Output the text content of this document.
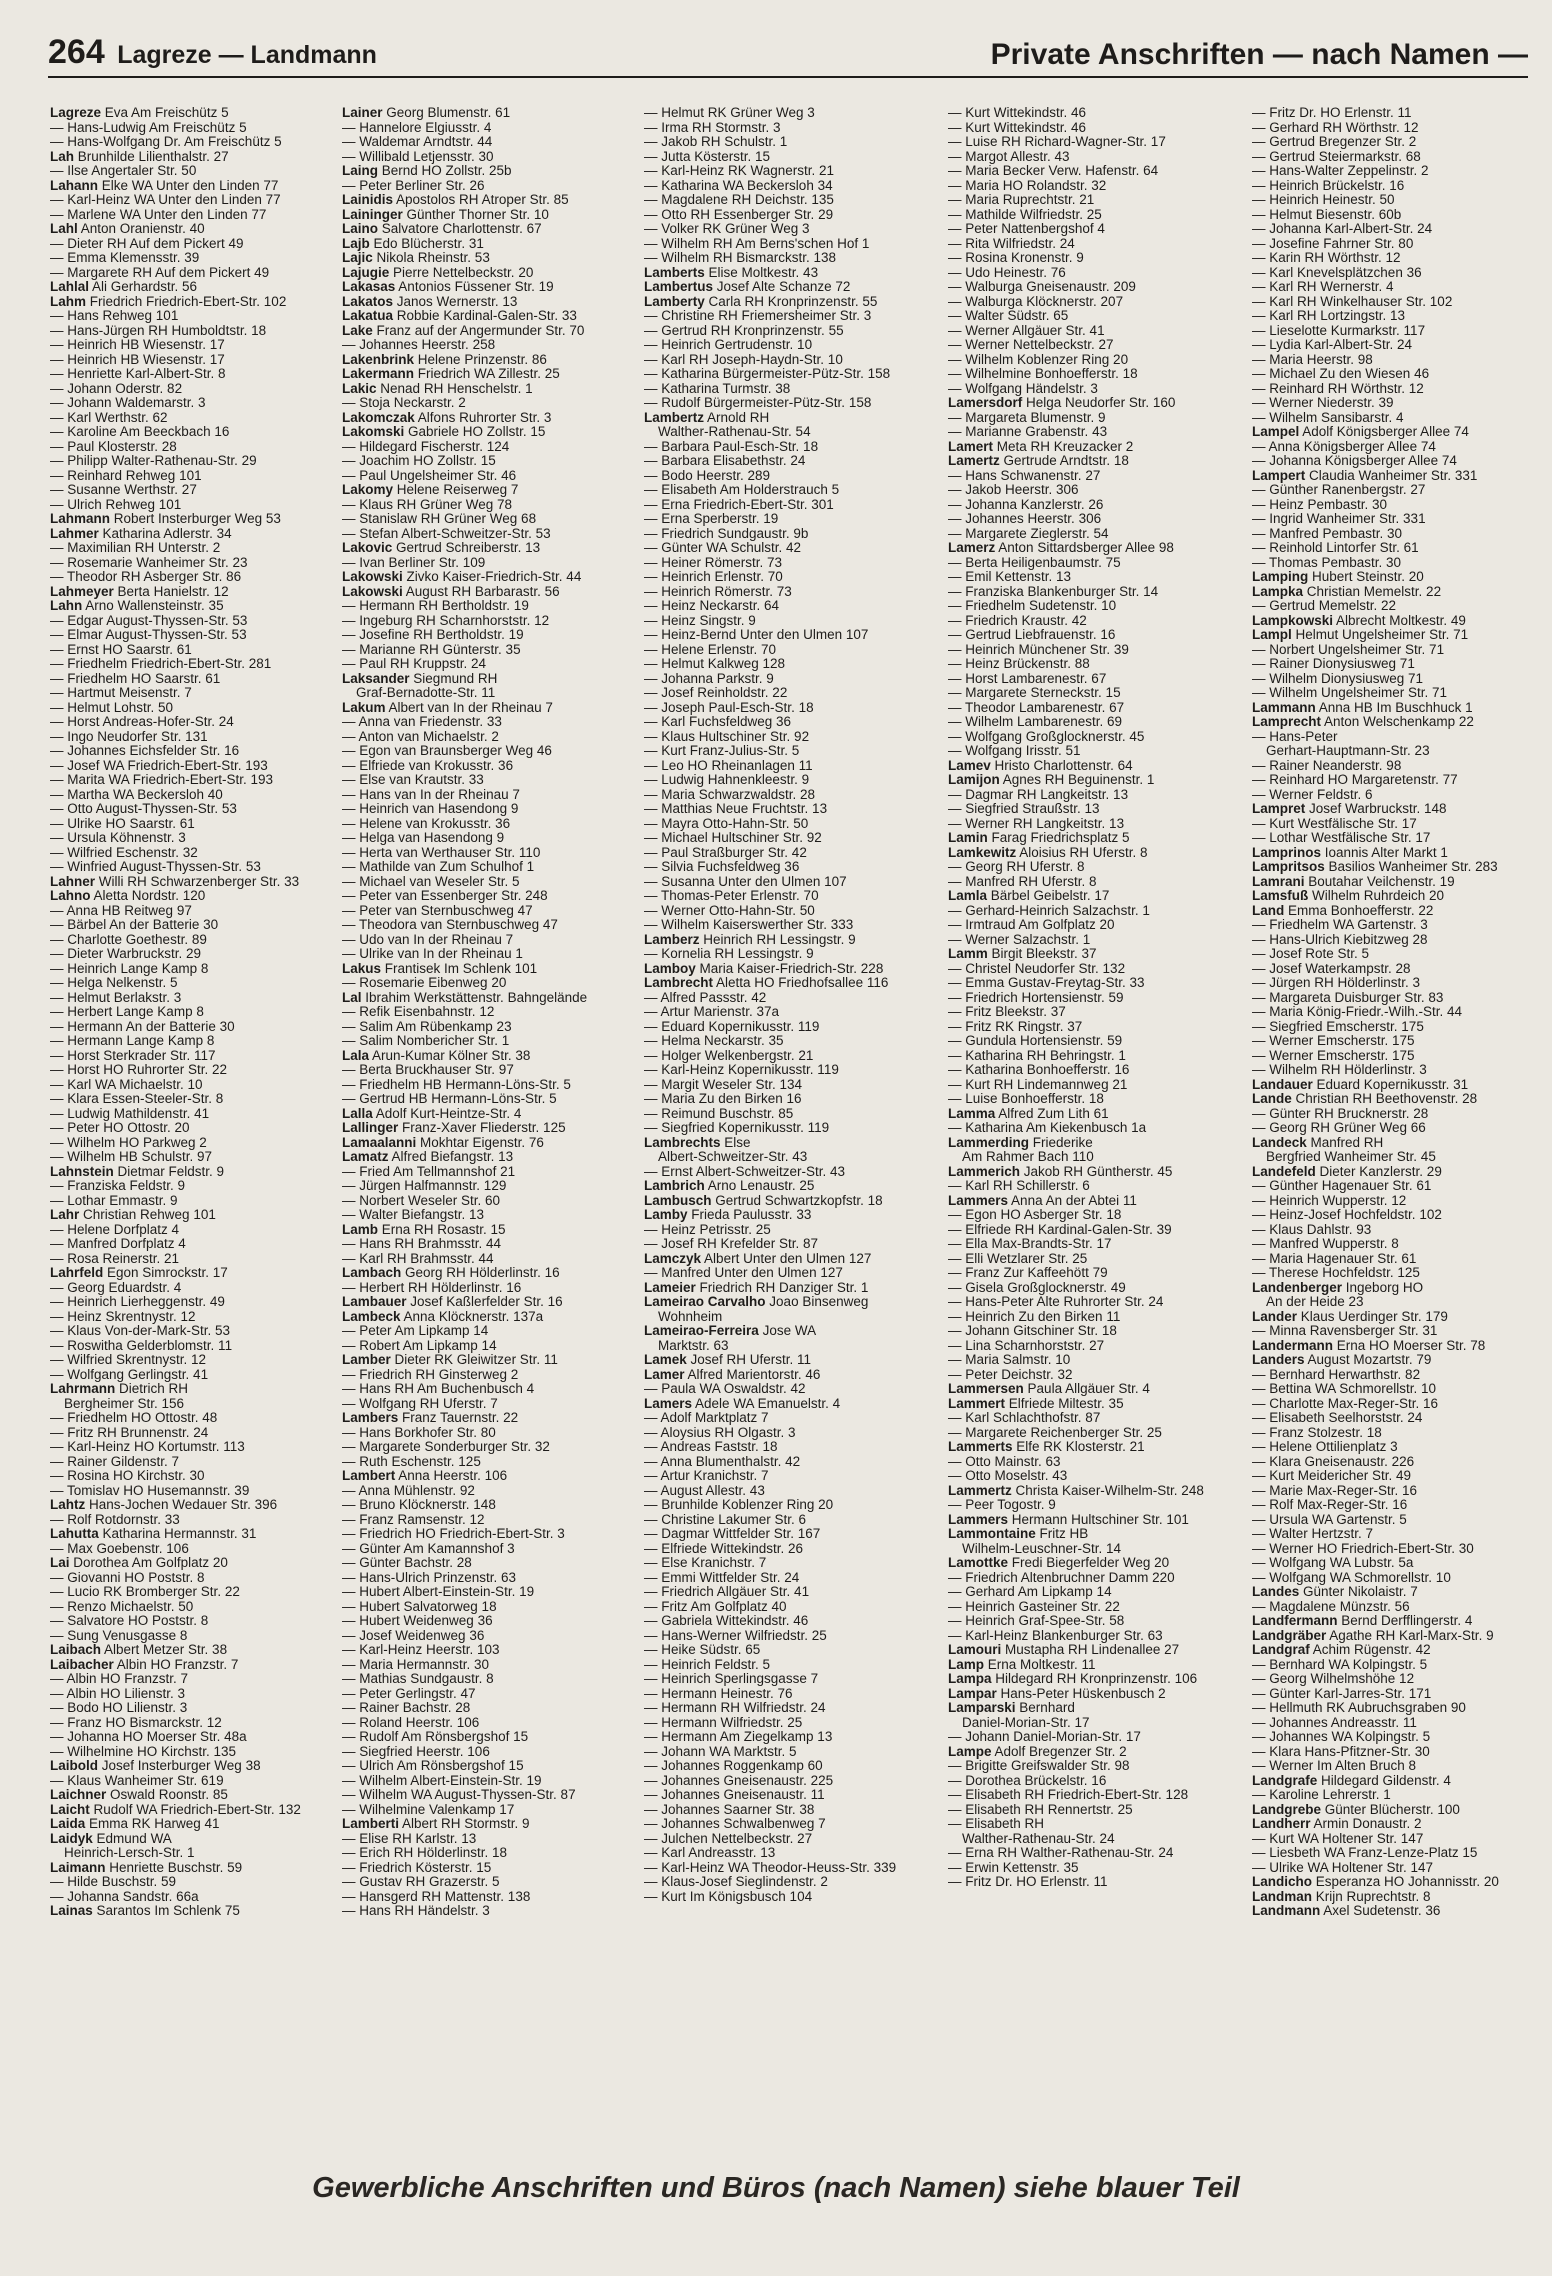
264 Lagreze — Landmann	Private Anschriften — nach Namen —
Lagreze Eva Am Freischütz 5
— Hans-Ludwig Am Freischütz 5
— Hans-Wolfgang Dr. Am Freischütz 5
Lah Brunhilde Lilienthalstr. 27
— Ilse Angertaler Str. 50
Lahann Elke WA Unter den Linden 77
— Karl-Heinz WA Unter den Linden 77
— Marlene WA Unter den Linden 77
Lahl Anton Oranienstr. 40
— Dieter RH Auf dem Pickert 49
— Emma Klemensstr. 39
— Margarete RH Auf dem Pickert 49
Lahlal Ali Gerhardstr. 56
Lahm Friedrich Friedrich-Ebert-Str. 102
— Hans Rehweg 101
— Hans-Jürgen RH Humboldtstr. 18
— Heinrich HB Wiesenstr. 17
— Heinrich HB Wiesenstr. 17
— Henriette Karl-Albert-Str. 8
— Johann Oderstr. 82
— Johann Waldemarstr. 3
— Karl Werthstr. 62
— Karoline Am Beeckbach 16
— Paul Klosterstr. 28
— Philipp Walter-Rathenau-Str. 29
— Reinhard Rehweg 101
— Susanne Werthstr. 27
— Ulrich Rehweg 101
Lahmann Robert Insterburger Weg 53
Lahmer Katharina Adlerstr. 34
— Maximilian RH Unterstr. 2
— Rosemarie Wanheimer Str. 23
— Theodor RH Asberger Str. 86
Lahmeyer Berta Hanielstr. 12
Lahn Arno Wallensteinstr. 35
— Edgar August-Thyssen-Str. 53
— Elmar August-Thyssen-Str. 53
— Ernst HO Saarstr. 61
— Friedhelm Friedrich-Ebert-Str. 281
— Friedhelm HO Saarstr. 61
— Hartmut Meisenstr. 7
— Helmut Lohstr. 50
— Horst Andreas-Hofer-Str. 24
— Ingo Neudorfer Str. 131
— Johannes Eichsfelder Str. 16
— Josef WA Friedrich-Ebert-Str. 193
— Marita WA Friedrich-Ebert-Str. 193
— Martha WA Beckersloh 40
— Otto August-Thyssen-Str. 53
— Ulrike HO Saarstr. 61
— Ursula Köhnenstr. 3
— Wilfried Eschenstr. 32
— Winfried August-Thyssen-Str. 53
Lahner Willi RH Schwarzenberger Str. 33
Lahno Aletta Nordstr. 120
— Anna HB Reitweg 97
— Bärbel An der Batterie 30
— Charlotte Goethestr. 89
— Dieter Warbruckstr. 29
— Heinrich Lange Kamp 8
— Helga Nelkenstr. 5
— Helmut Berlakstr. 3
— Herbert Lange Kamp 8
— Hermann An der Batterie 30
— Hermann Lange Kamp 8
— Horst Sterkrader Str. 117
— Horst HO Ruhrorter Str. 22
— Karl WA Michaelstr. 10
— Klara Essen-Steeler-Str. 8
— Ludwig Mathildenstr. 41
— Peter HO Ottostr. 20
— Wilhelm HO Parkweg 2
— Wilhelm HB Schulstr. 97
Lahnstein Dietmar Feldstr. 9
— Franziska Feldstr. 9
— Lothar Emmastr. 9
Lahr Christian Rehweg 101
— Helene Dorfplatz 4
— Manfred Dorfplatz 4
— Rosa Reinerstr. 21
Lahrfeld Egon Simrockstr. 17
— Georg Eduardstr. 4
— Heinrich Lierheggenstr. 49
— Heinz Skrentnystr. 12
— Klaus Von-der-Mark-Str. 53
— Roswitha Gelderblomstr. 11
— Wilfried Skrentnystr. 12
— Wolfgang Gerlingstr. 41
Lahrmann Dietrich RH
Bergheimer Str. 156
— Friedhelm HO Ottostr. 48
— Fritz RH Brunnenstr. 24
— Karl-Heinz HO Kortumstr. 113
— Rainer Gildenstr. 7
— Rosina HO Kirchstr. 30
— Tomislav HO Husemannstr. 39
Lahtz Hans-Jochen Wedauer Str. 396
— Rolf Rotdornstr. 33
Lahutta Katharina Hermannstr. 31
— Max Goebenstr. 106
Lai Dorothea Am Golfplatz 20
— Giovanni HO Poststr. 8
— Lucio RK Bromberger Str. 22
— Renzo Michaelstr. 50
— Salvatore HO Poststr. 8
— Sung Venusgasse 8
Laibach Albert Metzer Str. 38
Laibacher Albin HO Franzstr. 7
— Albin HO Franzstr. 7
— Albin HO Lilienstr. 3
— Bodo HO Lilienstr. 3
— Franz HO Bismarckstr. 12
— Johanna HO Moerser Str. 48a
— Wilhelmine HO Kirchstr. 135
Laibold Josef Insterburger Weg 38
— Klaus Wanheimer Str. 619
Laichner Oswald Roonstr. 85
Laicht Rudolf WA Friedrich-Ebert-Str. 132
Laida Emma RK Harweg 41
Laidyk Edmund WA
Heinrich-Lersch-Str. 1
Laimann Henriette Buschstr. 59
— Hilde Buschstr. 59
— Johanna Sandstr. 66a
Lainas Sarantos Im Schlenk 75
Lainer Georg Blumenstr. 61
— Hannelore Elgiusstr. 4
— Waldemar Arndtstr. 44
— Willibald Letjensstr. 30
Laing Bernd HO Zollstr. 25b
— Peter Berliner Str. 26
Lainidis Apostolos RH Atroper Str. 85
Laininger Günther Thorner Str. 10
Laino Salvatore Charlottenstr. 67
Lajb Edo Blücherstr. 31
Lajic Nikola Rheinstr. 53
Lajugie Pierre Nettelbeckstr. 20
Lakasas Antonios Füssener Str. 19
Lakatos Janos Wernerstr. 13
Lakatua Robbie Kardinal-Galen-Str. 33
Lake Franz auf der Angermunder Str. 70
— Johannes Heerstr. 258
Lakenbrink Helene Prinzenstr. 86
Lakermann Friedrich WA Zillestr. 25
Lakic Nenad RH Henschelstr. 1
— Stoja Neckarstr. 2
Lakomczak Alfons Ruhrorter Str. 3
Lakomski Gabriele HO Zollstr. 15
— Hildegard Fischerstr. 124
— Joachim HO Zollstr. 15
— Paul Ungelsheimer Str. 46
Lakomy Helene Reiserweg 7
— Klaus RH Grüner Weg 78
— Stanislaw RH Grüner Weg 68
— Stefan Albert-Schweitzer-Str. 53
Lakovic Gertrud Schreiberstr. 13
— Ivan Berliner Str. 109
Lakowski Zivko Kaiser-Friedrich-Str. 44
Lakowski August RH Barbarastr. 56
— Hermann RH Bertholdstr. 19
— Ingeburg RH Scharnhorststr. 12
— Josefine RH Bertholdstr. 19
— Marianne RH Günterstr. 35
— Paul RH Kruppstr. 24
Laksander Siegmund RH
Graf-Bernadotte-Str. 11
Lakum Albert van In der Rheinau 7
— Anna van Friedenstr. 33
— Anton van Michaelstr. 2
— Egon van Braunsberger Weg 46
— Elfriede van Krokusstr. 36
— Else van Krautstr. 33
— Hans van In der Rheinau 7
— Heinrich van Hasendong 9
— Helene van Krokusstr. 36
— Helga van Hasendong 9
— Herta van Werthauser Str. 110
— Mathilde van Zum Schulhof 1
— Michael van Weseler Str. 5
— Peter van Essenberger Str. 248
— Peter van Sternbuschweg 47
— Theodora van Sternbuschweg 47
— Udo van In der Rheinau 7
— Ulrike van In der Rheinau 1
Lakus Frantisek Im Schlenk 101
— Rosemarie Eibenweg 20
Lal Ibrahim Werkstättenstr. Bahngelände
— Refik Eisenbahnstr. 12
— Salim Am Rübenkamp 23
— Salim Nombericher Str. 1
Lala Arun-Kumar Kölner Str. 38
— Berta Bruckhauser Str. 97
— Friedhelm HB Hermann-Löns-Str. 5
— Gertrud HB Hermann-Löns-Str. 5
Lalla Adolf Kurt-Heintze-Str. 4
Lallinger Franz-Xaver Fliederstr. 125
Lamaalanni Mokhtar Eigenstr. 76
Lamatz Alfred Biefangstr. 13
— Fried Am Tellmannshof 21
— Jürgen Halfmannstr. 129
— Norbert Weseler Str. 60
— Walter Biefangstr. 13
Lamb Erna RH Rosastr. 15
— Hans RH Brahmsstr. 44
— Karl RH Brahmsstr. 44
Lambach Georg RH Hölderlinstr. 16
— Herbert RH Hölderlinstr. 16
Lambauer Josef Kaßlerfelder Str. 16
Lambeck Anna Klöcknerstr. 137a
— Peter Am Lipkamp 14
— Robert Am Lipkamp 14
Lamber Dieter RK Gleiwitzer Str. 11
— Friedrich RH Ginsterweg 2
— Hans RH Am Buchenbusch 4
— Wolfgang RH Uferstr. 7
Lambers Franz Tauernstr. 22
— Hans Borkhofer Str. 80
— Margarete Sonderburger Str. 32
— Ruth Eschenstr. 125
Lambert Anna Heerstr. 106
— Anna Mühlenstr. 92
— Bruno Klöcknerstr. 148
— Franz Ramsenstr. 12
— Friedrich HO Friedrich-Ebert-Str. 3
— Günter Am Kamannshof 3
— Günter Bachstr. 28
— Hans-Ulrich Prinzenstr. 63
— Hubert Albert-Einstein-Str. 19
— Hubert Salvatorweg 18
— Hubert Weidenweg 36
— Josef Weidenweg 36
— Karl-Heinz Heerstr. 103
— Maria Hermannstr. 30
— Mathias Sundgaustr. 8
— Peter Gerlingstr. 47
— Rainer Bachstr. 28
— Roland Heerstr. 106
— Rudolf Am Rönsbergshof 15
— Siegfried Heerstr. 106
— Ulrich Am Rönsbergshof 15
— Wilhelm Albert-Einstein-Str. 19
— Wilhelm WA August-Thyssen-Str. 87
— Wilhelmine Valenkamp 17
Lamberti Albert RH Stormstr. 9
— Elise RH Karlstr. 13
— Erich RH Hölderlinstr. 18
— Friedrich Kösterstr. 15
— Gustav RH Grazerstr. 5
— Hansgerd RH Mattenstr. 138
— Hans RH Händelstr. 3
— Helmut RK Grüner Weg 3
— Irma RH Stormstr. 3
— Jakob RH Schulstr. 1
— Jutta Kösterstr. 15
— Karl-Heinz RK Wagnerstr. 21
— Katharina WA Beckersloh 34
— Magdalene RH Deichstr. 135
— Otto RH Essenberger Str. 29
— Volker RK Grüner Weg 3
— Wilhelm RH Am Berns'schen Hof 1
— Wilhelm RH Bismarckstr. 138
Lamberts Elise Moltkestr. 43
Lambertus Josef Alte Schanze 72
Lamberty Carla RH Kronprinzenstr. 55
— Christine RH Friemersheimer Str. 3
— Gertrud RH Kronprinzenstr. 55
— Heinrich Gertrudenstr. 10
— Karl RH Joseph-Haydn-Str. 10
— Katharina Bürgermeister-Pütz-Str. 158
— Katharina Turmstr. 38
— Rudolf Bürgermeister-Pütz-Str. 158
Lambertz Arnold RH
Walther-Rathenau-Str. 54
— Barbara Paul-Esch-Str. 18
— Barbara Elisabethstr. 24
— Bodo Heerstr. 289
— Elisabeth Am Holderstrauch 5
— Erna Friedrich-Ebert-Str. 301
— Erna Sperberstr. 19
— Friedrich Sundgaustr. 9b
— Günter WA Schulstr. 42
— Heiner Römerstr. 73
— Heinrich Erlenstr. 70
— Heinrich Römerstr. 73
— Heinz Neckarstr. 64
— Heinz Singstr. 9
— Heinz-Bernd Unter den Ulmen 107
— Helene Erlenstr. 70
— Helmut Kalkweg 128
— Johanna Parkstr. 9
— Josef Reinholdstr. 22
— Joseph Paul-Esch-Str. 18
— Karl Fuchsfeldweg 36
— Klaus Hultschiner Str. 92
— Kurt Franz-Julius-Str. 5
— Leo HO Rheinanlagen 11
— Ludwig Hahnenkleestr. 9
— Maria Schwarzwaldstr. 28
— Matthias Neue Fruchtstr. 13
— Mayra Otto-Hahn-Str. 50
— Michael Hultschiner Str. 92
— Paul Straßburger Str. 42
— Silvia Fuchsfeldweg 36
— Susanna Unter den Ulmen 107
— Thomas-Peter Erlenstr. 70
— Werner Otto-Hahn-Str. 50
— Wilhelm Kaiserswerther Str. 333
Lamberz Heinrich RH Lessingstr. 9
— Kornelia RH Lessingstr. 9
Lamboy Maria Kaiser-Friedrich-Str. 228
Lambrecht Aletta HO Friedhofsallee 116
— Alfred Passstr. 42
— Artur Marienstr. 37a
— Eduard Kopernikusstr. 119
— Helma Neckarstr. 35
— Holger Welkenbergstr. 21
— Karl-Heinz Kopernikusstr. 119
— Margit Weseler Str. 134
— Maria Zu den Birken 16
— Reimund Buschstr. 85
— Siegfried Kopernikusstr. 119
Lambrechts Else
Albert-Schweitzer-Str. 43
— Ernst Albert-Schweitzer-Str. 43
Lambrich Arno Lenaustr. 25
Lambusch Gertrud Schwartzkopfstr. 18
Lamby Frieda Paulusstr. 33
— Heinz Petrisstr. 25
— Josef RH Krefelder Str. 87
Lamczyk Albert Unter den Ulmen 127
— Manfred Unter den Ulmen 127
Lameier Friedrich RH Danziger Str. 1
Lameirao Carvalho Joao Binsenweg
Wohnheim
Lameirao-Ferreira Jose WA
Marktstr. 63
Lamek Josef RH Uferstr. 11
Lamer Alfred Marientorstr. 46
— Paula WA Oswaldstr. 42
Lamers Adele WA Emanuelstr. 4
— Adolf Marktplatz 7
— Aloysius RH Olgastr. 3
— Andreas Faststr. 18
— Anna Blumenthalstr. 42
— Artur Kranichstr. 7
— August Allestr. 43
— Brunhilde Koblenzer Ring 20
— Christine Lakumer Str. 6
— Dagmar Wittfelder Str. 167
— Elfriede Wittekindstr. 26
— Else Kranichstr. 7
— Emmi Wittfelder Str. 24
— Friedrich Allgäuer Str. 41
— Fritz Am Golfplatz 40
— Gabriela Wittekindstr. 46
— Hans-Werner Wilfriedstr. 25
— Heike Südstr. 65
— Heinrich Feldstr. 5
— Heinrich Sperlingsgasse 7
— Hermann Heinestr. 76
— Hermann RH Wilfriedstr. 24
— Hermann Wilfriedstr. 25
— Hermann Am Ziegelkamp 13
— Johann WA Marktstr. 5
— Johannes Roggenkamp 60
— Johannes Gneisenaustr. 225
— Johannes Gneisenaustr. 11
— Johannes Saarner Str. 38
— Johannes Schwalbenweg 7
— Julchen Nettelbeckstr. 27
— Karl Andreasstr. 13
— Karl-Heinz WA Theodor-Heuss-Str. 339
— Klaus-Josef Sieglindenstr. 2
— Kurt Im Königsbusch 104
— Kurt Wittekindstr. 46
— Kurt Wittekindstr. 46
— Luise RH Richard-Wagner-Str. 17
— Margot Allestr. 43
— Maria Becker Verw. Hafenstr. 64
— Maria HO Rolandstr. 32
— Maria Ruprechtstr. 21
— Mathilde Wilfriedstr. 25
— Peter Nattenbergshof 4
— Rita Wilfriedstr. 24
— Rosina Kronenstr. 9
— Udo Heinestr. 76
— Walburga Gneisenaustr. 209
— Walburga Klöcknerstr. 207
— Walter Südstr. 65
— Werner Allgäuer Str. 41
— Werner Nettelbeckstr. 27
— Wilhelm Koblenzer Ring 20
— Wilhelmine Bonhoefferstr. 18
— Wolfgang Händelstr. 3
Lamersdorf Helga Neudorfer Str. 160
— Margareta Blumenstr. 9
— Marianne Grabenstr. 43
Lamert Meta RH Kreuzacker 2
Lamertz Gertrude Arndtstr. 18
— Hans Schwanenstr. 27
— Jakob Heerstr. 306
— Johanna Kanzlerstr. 26
— Johannes Heerstr. 306
— Margarete Zieglerstr. 54
Lamerz Anton Sittardsberger Allee 98
— Berta Heiligenbaumstr. 75
— Emil Kettenstr. 13
— Franziska Blankenburger Str. 14
— Friedhelm Sudetenstr. 10
— Friedrich Kraustr. 42
— Gertrud Liebfrauenstr. 16
— Heinrich Münchener Str. 39
— Heinz Brückenstr. 88
— Horst Lambarenestr. 67
— Margarete Sterneckstr. 15
— Theodor Lambarenestr. 67
— Wilhelm Lambarenestr. 69
— Wolfgang Großglocknerstr. 45
— Wolfgang Irisstr. 51
Lamev Hristo Charlottenstr. 64
Lamijon Agnes RH Beguinenstr. 1
— Dagmar RH Langkeitstr. 13
— Siegfried Straußstr. 13
— Werner RH Langkeitstr. 13
Lamin Farag Friedrichsplatz 5
Lamkewitz Aloisius RH Uferstr. 8
— Georg RH Uferstr. 8
— Manfred RH Uferstr. 8
Lamla Bärbel Geibelstr. 17
— Gerhard-Heinrich Salzachstr. 1
— Irmtraud Am Golfplatz 20
— Werner Salzachstr. 1
Lamm Birgit Bleekstr. 37
— Christel Neudorfer Str. 132
— Emma Gustav-Freytag-Str. 33
— Friedrich Hortensienstr. 59
— Fritz Bleekstr. 37
— Fritz RK Ringstr. 37
— Gundula Hortensienstr. 59
— Katharina RH Behringstr. 1
— Katharina Bonhoefferstr. 16
— Kurt RH Lindemannweg 21
— Luise Bonhoefferstr. 18
Lamma Alfred Zum Lith 61
— Katharina Am Kiekenbusch 1a
Lammerding Friederike
Am Rahmer Bach 110
Lammerich Jakob RH Güntherstr. 45
— Karl RH Schillerstr. 6
Lammers Anna An der Abtei 11
— Egon HO Asberger Str. 18
— Elfriede RH Kardinal-Galen-Str. 39
— Ella Max-Brandts-Str. 17
— Elli Wetzlarer Str. 25
— Franz Zur Kaffeehött 79
— Gisela Großglocknerstr. 49
— Hans-Peter Alte Ruhrorter Str. 24
— Heinrich Zu den Birken 11
— Johann Gitschiner Str. 18
— Lina Scharnhorststr. 27
— Maria Salmstr. 10
— Peter Deichstr. 32
Lammersen Paula Allgäuer Str. 4
Lammert Elfriede Miltestr. 35
— Karl Schlachthofstr. 87
— Margarete Reichenberger Str. 25
Lammerts Elfe RK Klosterstr. 21
— Otto Mainstr. 63
— Otto Moselstr. 43
Lammertz Christa Kaiser-Wilhelm-Str. 248
— Peer Togostr. 9
Lammers Hermann Hultschiner Str. 101
Lammontaine Fritz HB
Wilhelm-Leuschner-Str. 14
Lamottke Fredi Biegerfelder Weg 20
— Friedrich Altenbruchner Damm 220
— Gerhard Am Lipkamp 14
— Heinrich Gasteiner Str. 22
— Heinrich Graf-Spee-Str. 58
— Karl-Heinz Blankenburger Str. 63
Lamouri Mustapha RH Lindenallee 27
Lamp Erna Moltkestr. 11
Lampa Hildegard RH Kronprinzenstr. 106
Lampar Hans-Peter Hüskenbusch 2
Lamparski Bernhard
Daniel-Morian-Str. 17
— Johann Daniel-Morian-Str. 17
Lampe Adolf Bregenzer Str. 2
— Brigitte Greifswalder Str. 98
— Dorothea Brückelstr. 16
— Elisabeth RH Friedrich-Ebert-Str. 128
— Elisabeth RH Rennertstr. 25
— Elisabeth RH
Walther-Rathenau-Str. 24
— Erna RH Walther-Rathenau-Str. 24
— Erwin Kettenstr. 35
— Fritz Dr. HO Erlenstr. 11
— Fritz Dr. HO Erlenstr. 11
— Gerhard RH Wörthstr. 12
— Gertrud Bregenzer Str. 2
— Gertrud Steiermarkstr. 68
— Hans-Walter Zeppelinstr. 2
— Heinrich Brückelstr. 16
— Heinrich Heinestr. 50
— Helmut Biesenstr. 60b
— Johanna Karl-Albert-Str. 24
— Josefine Fahrner Str. 80
— Karin RH Wörthstr. 12
— Karl Knevelsplätzchen 36
— Karl RH Wernerstr. 4
— Karl RH Winkelhauser Str. 102
— Karl RH Lortzingstr. 13
— Lieselotte Kurmarkstr. 117
— Lydia Karl-Albert-Str. 24
— Maria Heerstr. 98
— Michael Zu den Wiesen 46
— Reinhard RH Wörthstr. 12
— Werner Niederstr. 39
— Wilhelm Sansibarstr. 4
Lampel Adolf Königsberger Allee 74
— Anna Königsberger Allee 74
— Johanna Königsberger Allee 74
Lampert Claudia Wanheimer Str. 331
— Günther Ranenbergstr. 27
— Heinz Pembastr. 30
— Ingrid Wanheimer Str. 331
— Manfred Pembastr. 30
— Reinhold Lintorfer Str. 61
— Thomas Pembastr. 30
Lamping Hubert Steinstr. 20
Lampka Christian Memelstr. 22
— Gertrud Memelstr. 22
Lampkowski Albrecht Moltkestr. 49
Lampl Helmut Ungelsheimer Str. 71
— Norbert Ungelsheimer Str. 71
— Rainer Dionysiusweg 71
— Wilhelm Dionysiusweg 71
— Wilhelm Ungelsheimer Str. 71
Lammann Anna HB Im Buschhuck 1
Lamprecht Anton Welschenkamp 22
— Hans-Peter
Gerhart-Hauptmann-Str. 23
— Rainer Neanderstr. 98
— Reinhard HO Margaretenstr. 77
— Werner Feldstr. 6
Lampret Josef Warbruckstr. 148
— Kurt Westfälische Str. 17
— Lothar Westfälische Str. 17
Lamprinos Ioannis Alter Markt 1
Lampritsos Basilios Wanheimer Str. 283
Lamrani Boutahar Veilchenstr. 19
Lamsfuß Wilhelm Ruhrdeich 20
Land Emma Bonhoefferstr. 22
— Friedhelm WA Gartenstr. 3
— Hans-Ulrich Kiebitzweg 28
— Josef Rote Str. 5
— Josef Waterkampstr. 28
— Jürgen RH Hölderlinstr. 3
— Margareta Duisburger Str. 83
— Maria König-Friedr.-Wilh.-Str. 44
— Siegfried Emscherstr. 175
— Werner Emscherstr. 175
— Werner Emscherstr. 175
— Wilhelm RH Hölderlinstr. 3
Landauer Eduard Kopernikusstr. 31
Lande Christian RH Beethovenstr. 28
— Günter RH Brucknerstr. 28
— Georg RH Grüner Weg 66
Landeck Manfred RH
Bergfried Wanheimer Str. 45
Landefeld Dieter Kanzlerstr. 29
— Günther Hagenauer Str. 61
— Heinrich Wupperstr. 12
— Heinz-Josef Hochfeldstr. 102
— Klaus Dahlstr. 93
— Manfred Wupperstr. 8
— Maria Hagenauer Str. 61
— Therese Hochfeldstr. 125
Landenberger Ingeborg HO
An der Heide 23
Lander Klaus Uerdinger Str. 179
— Minna Ravensberger Str. 31
Landermann Erna HO Moerser Str. 78
Landers August Mozartstr. 79
— Bernhard Herwarthstr. 82
— Bettina WA Schmorellstr. 10
— Charlotte Max-Reger-Str. 16
— Elisabeth Seelhorststr. 24
— Franz Stolzestr. 18
— Helene Ottilienplatz 3
— Klara Gneisenaustr. 226
— Kurt Meidericher Str. 49
— Marie Max-Reger-Str. 16
— Rolf Max-Reger-Str. 16
— Ursula WA Gartenstr. 5
— Walter Hertzstr. 7
— Werner HO Friedrich-Ebert-Str. 30
— Wolfgang WA Lubstr. 5a
— Wolfgang WA Schmorellstr. 10
Landes Günter Nikolaistr. 7
— Magdalene Münzstr. 56
Landfermann Bernd Derfflingerstr. 4
Landgräber Agathe RH Karl-Marx-Str. 9
Landgraf Achim Rügenstr. 42
— Bernhard WA Kolpingstr. 5
— Georg Wilhelmshöhe 12
— Günter Karl-Jarres-Str. 171
— Hellmuth RK Aubruchsgraben 90
— Johannes Andreasstr. 11
— Johannes WA Kolpingstr. 5
— Klara Hans-Pfitzner-Str. 30
— Werner Im Alten Bruch 8
Landgrafe Hildegard Gildenstr. 4
— Karoline Lehrerstr. 1
Landgrebe Günter Blücherstr. 100
Landherr Armin Donaustr. 2
— Kurt WA Holtener Str. 147
— Liesbeth WA Franz-Lenze-Platz 15
— Ulrike WA Holtener Str. 147
Landicho Esperanza HO Johannisstr. 20
Landman Krijn Ruprechtstr. 8
Landmann Axel Sudetenstr. 36
Gewerbliche Anschriften und Büros (nach Namen) siehe blauer Teil
